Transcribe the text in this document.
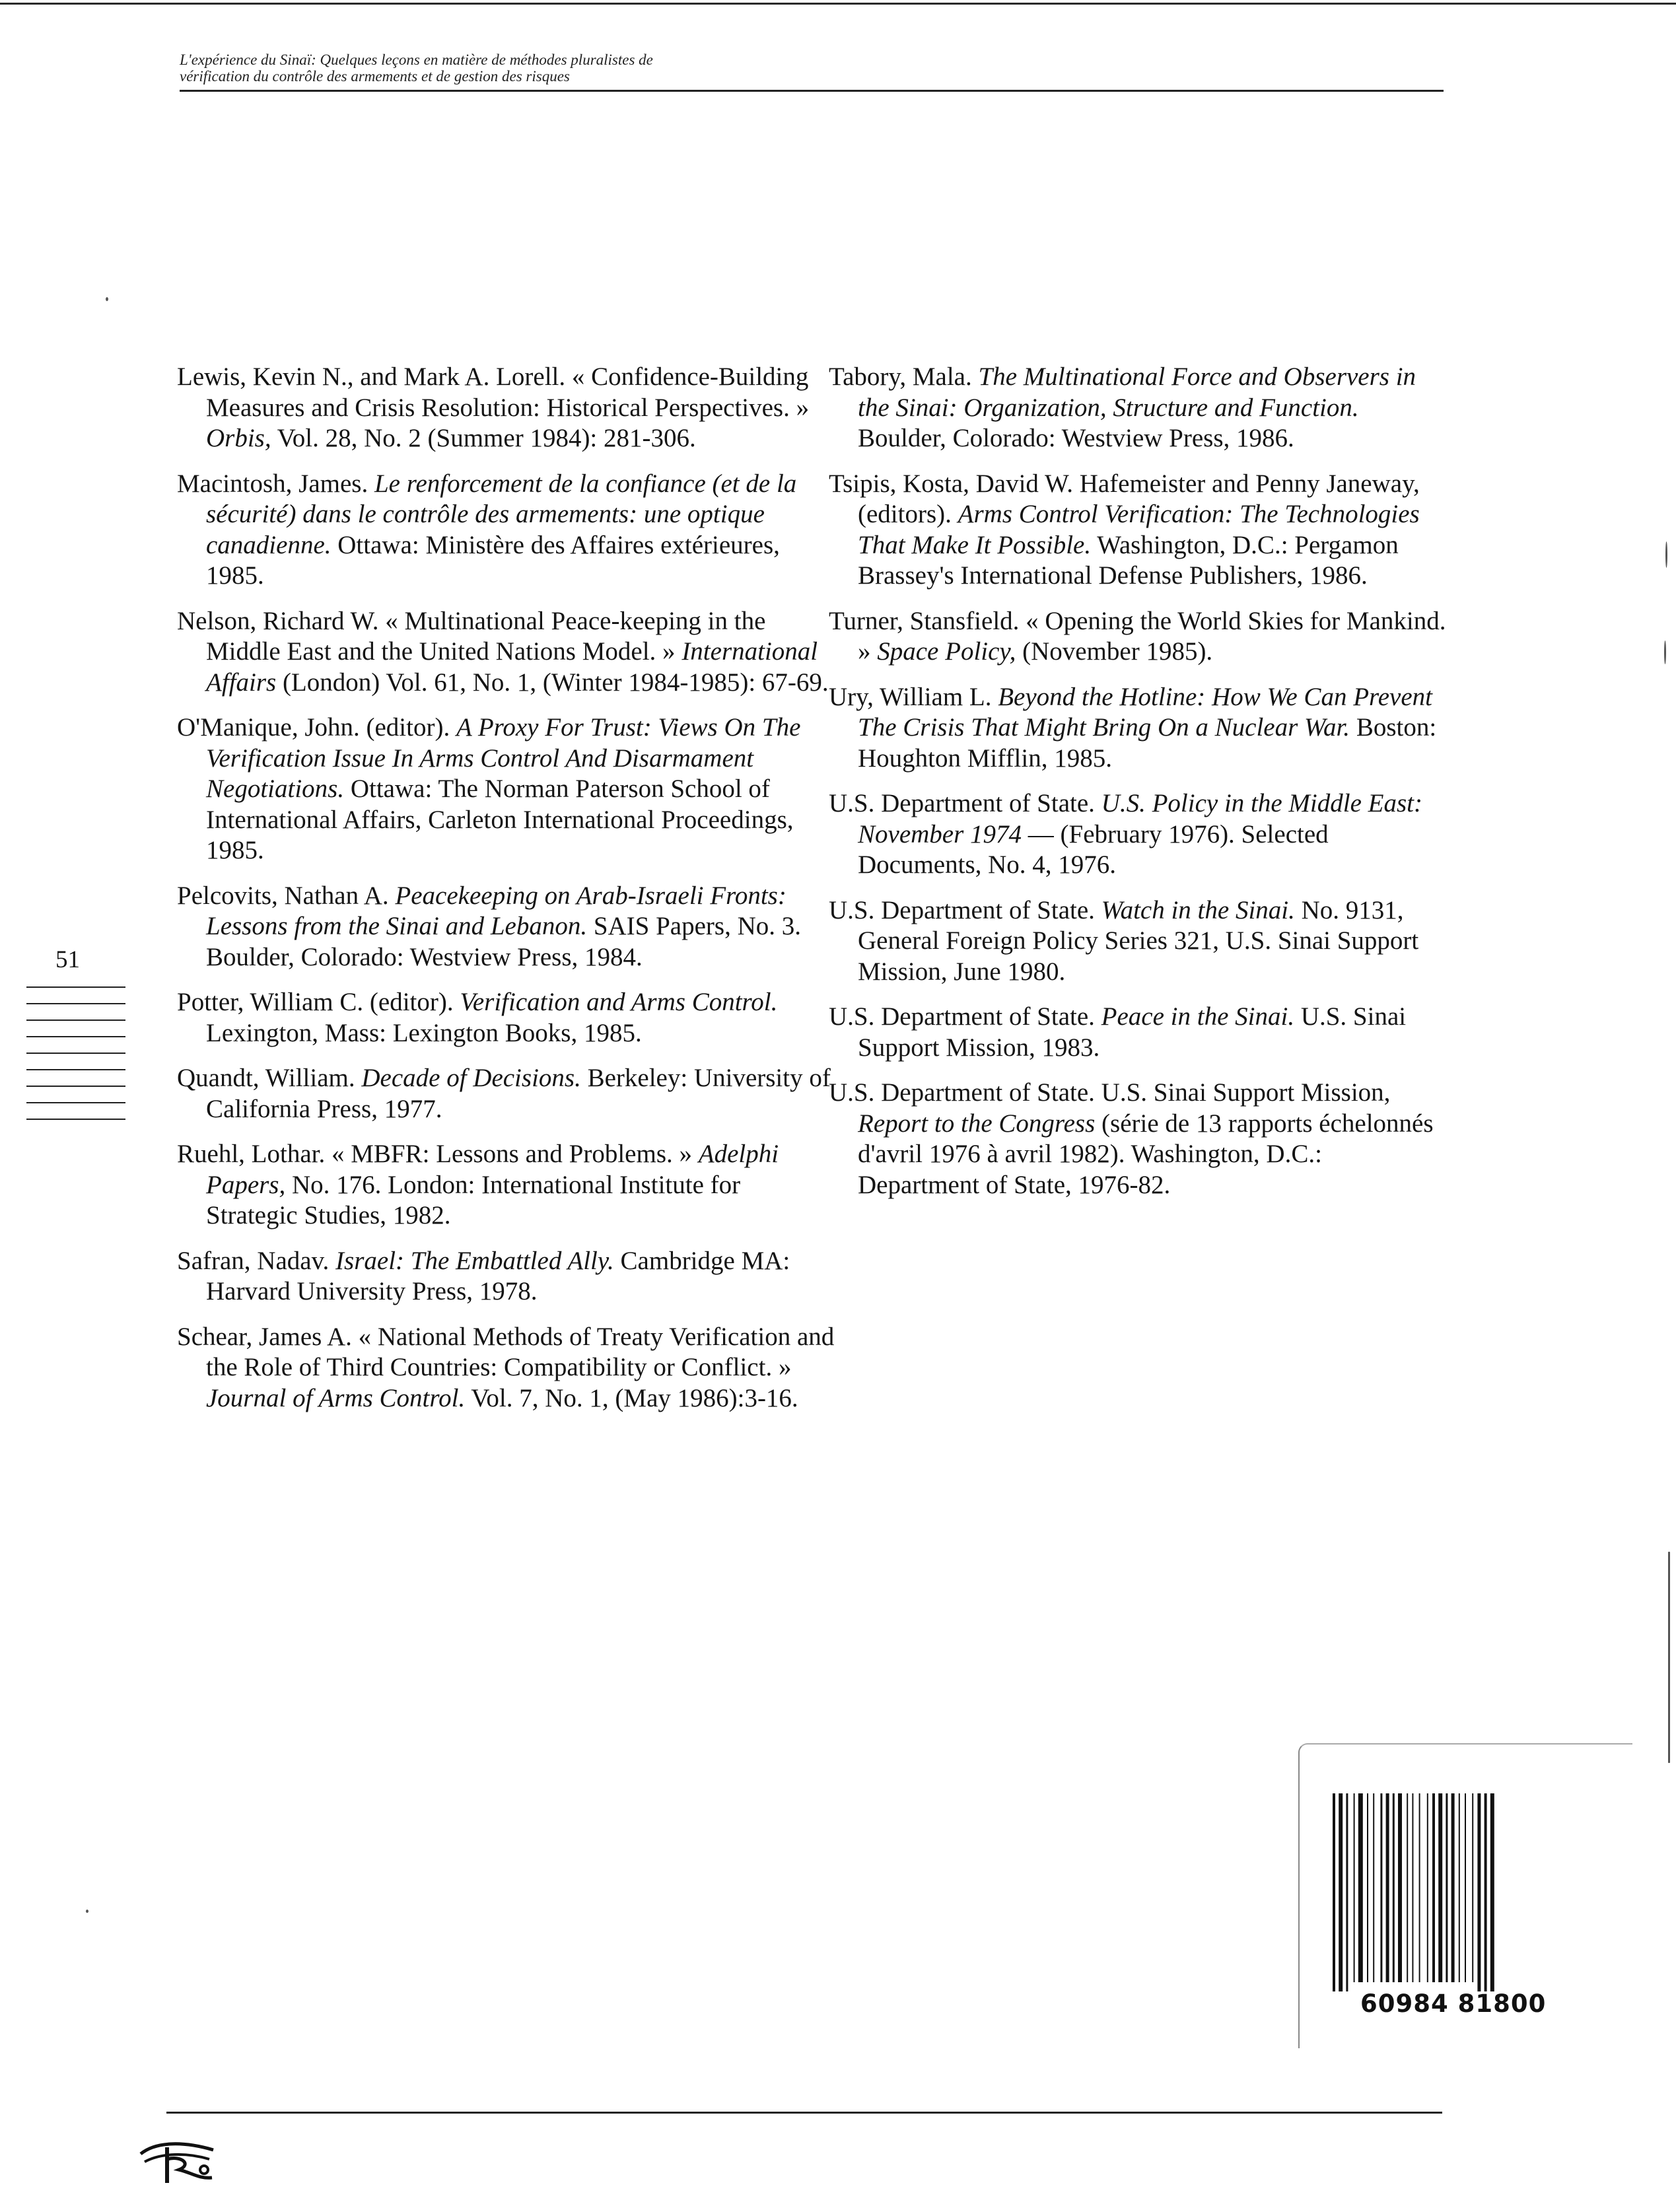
L'expérience du Sinaï: Quelques leçons en matière de méthodes pluralistes de
vérification du contrôle des armements et de gestion des risques

Lewis, Kevin N., and Mark A. Lorell. « Confidence-Building Measures and Crisis Resolution: Historical Perspectives. » Orbis, Vol. 28, No. 2 (Summer 1984): 281-306.

Macintosh, James. Le renforcement de la confiance (et de la sécurité) dans le contrôle des armements: une optique canadienne. Ottawa: Ministère des Affaires extérieures, 1985.

Nelson, Richard W. « Multinational Peace-keeping in the Middle East and the United Nations Model. » International Affairs (London) Vol. 61, No. 1, (Winter 1984-1985): 67-69.

O'Manique, John. (editor). A Proxy For Trust: Views On The Verification Issue In Arms Control And Disarmament Negotiations. Ottawa: The Norman Paterson School of International Affairs, Carleton International Proceedings, 1985.

Pelcovits, Nathan A. Peacekeeping on Arab-Israeli Fronts: Lessons from the Sinai and Lebanon. SAIS Papers, No. 3. Boulder, Colorado: Westview Press, 1984.

Potter, William C. (editor). Verification and Arms Control. Lexington, Mass: Lexington Books, 1985.

Quandt, William. Decade of Decisions. Berkeley: University of California Press, 1977.

Ruehl, Lothar. « MBFR: Lessons and Problems. » Adelphi Papers, No. 176. London: International Institute for Strategic Studies, 1982.

Safran, Nadav. Israel: The Embattled Ally. Cambridge MA: Harvard University Press, 1978.

Schear, James A. « National Methods of Treaty Verification and the Role of Third Countries: Compatibility or Conflict. » Journal of Arms Control. Vol. 7, No. 1, (May 1986):3-16.

Tabory, Mala. The Multinational Force and Observers in the Sinai: Organization, Structure and Function. Boulder, Colorado: Westview Press, 1986.

Tsipis, Kosta, David W. Hafemeister and Penny Janeway, (editors). Arms Control Verification: The Technologies That Make It Possible. Washington, D.C.: Pergamon Brassey's International Defense Publishers, 1986.

Turner, Stansfield. « Opening the World Skies for Mankind. » Space Policy, (November 1985).

Ury, William L. Beyond the Hotline: How We Can Prevent The Crisis That Might Bring On a Nuclear War. Boston: Houghton Mifflin, 1985.

U.S. Department of State. U.S. Policy in the Middle East: November 1974 — (February 1976). Selected Documents, No. 4, 1976.

U.S. Department of State. Watch in the Sinai. No. 9131, General Foreign Policy Series 321, U.S. Sinai Support Mission, June 1980.

U.S. Department of State. Peace in the Sinai. U.S. Sinai Support Mission, 1983.

U.S. Department of State. U.S. Sinai Support Mission, Report to the Congress (série de 13 rapports échelonnés d'avril 1976 à avril 1982). Washington, D.C.: Department of State, 1976-82.

51
60984 81800
